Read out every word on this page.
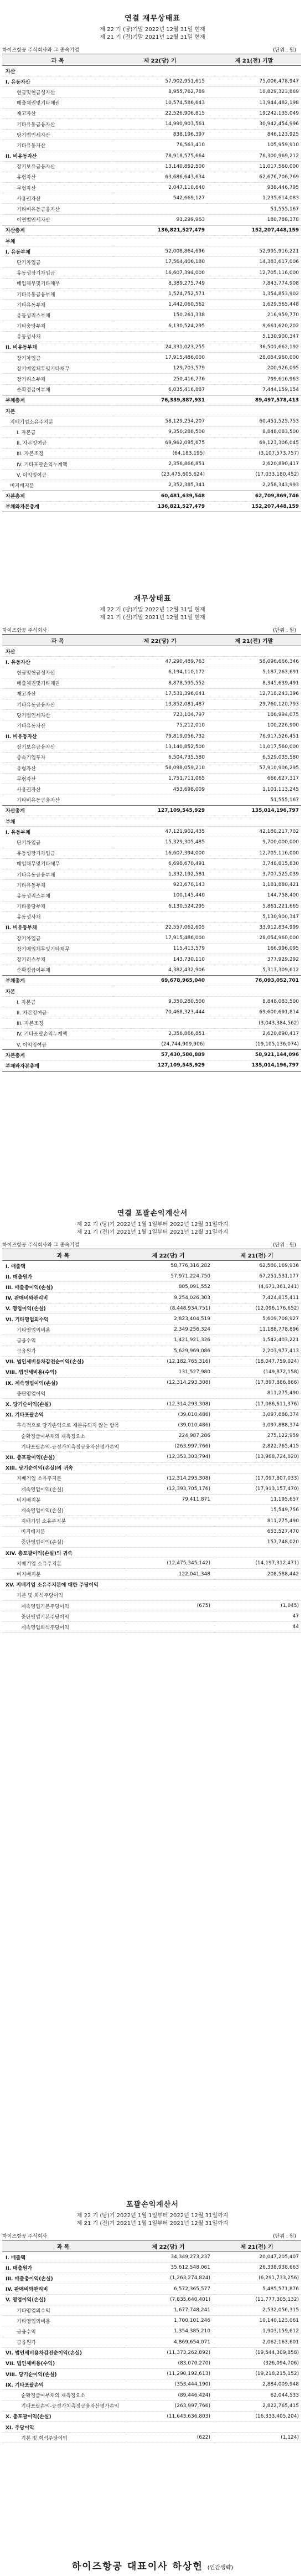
연결 재무상태표
제 22 기 (당)기말 2022년 12월 31일 현재
제 21 기 (전)기말 2021년 12월 31일 현재
하이즈항공 주식회사와 그 종속기업	(단위 : 원)
과 목	제 22(당) 기	제 21(전) 기말
자산		
I. 유동자산	57,902,951,615	75,006,478,947
현금및현금성자산	8,955,762,789	10,829,323,869
매출채권및기타채권	10,574,586,643	13,944,482,198
재고자산	22,526,906,815	19,242,135,049
기타유동금융자산	14,990,903,561	30,942,454,996
당기법인세자산	838,196,397	846,123,925
기타유동자산	76,563,410	105,959,910
II. 비유동자산	78,918,575,664	76,300,969,212
장기보유금융자산	13,140,852,500	11,017,560,000
유형자산	63,686,643,634	62,676,706,769
무형자산	2,047,110,640	938,446,795
사용권자산	542,669,127	1,235,614,083
기타비유동금융자산		51,555,167
이연법인세자산	91,299,963	180,788,378
자산총계	136,821,527,479	152,207,448,159
부채		
I. 유동부채	52,008,864,696	52,995,916,221
단기차입금	17,564,406,180	14,383,617,006
유동성장기차입금	16,607,394,000	12,705,116,000
매입채무및기타채무	8,389,275,749	7,843,774,908
기타유동금융부채	1,524,752,571	1,354,853,902
기타유동부채	1,442,060,562	1,629,565,448
유동성리스부채	150,261,338	216,959,770
기타충당부채	6,130,524,295	9,661,620,202
유동성사채		5,130,900,347
II. 비유동부채	24,331,023,255	36,501,662,192
장기차입금	17,915,486,000	28,054,960,000
장기매입채무및기타채무	129,703,579	200,926,095
장기리스부채	250,416,776	799,616,963
순확정급여부채	6,035,416,887	7,444,159,154
부채총계	76,339,887,931	89,497,578,413
자본		
지배기업소유주지분	58,129,254,207	60,451,525,753
I. 자본금	9,350,280,500	8,848,083,500
II. 자본잉여금	69,962,095,675	69,123,306,045
III. 자본조정	(64,183,195)	(3,107,573,757)
IV. 기타포괄손익누계액	2,356,866,851	2,620,890,417
V. 이익잉여금	(23,475,605,624)	(17,033,180,452)
비지배지분	2,352,385,341	2,258,343,993
자본총계	60,481,639,548	62,709,869,746
부채와자본총계	136,821,527,479	152,207,448,159
재무상태표
제 22 기 (당)기말 2022년 12월 31일 현재
제 21 기 (전)기말 2021년 12월 31일 현재
하이즈항공 주식회사	(단위 : 원)
과 목	제 22(당) 기	제 21(전) 기말
자산		
I. 유동자산	47,290,489,763	58,096,666,346
현금및현금성자산	6,194,110,172	5,187,263,691
매출채권및기타채권	8,878,595,552	8,345,639,491
재고자산	17,531,396,041	12,718,243,396
기타유동금융자산	13,852,081,487	29,760,120,793
당기법인세자산	723,104,797	186,994,075
기타유동자산	75,212,010	100,226,900
II. 비유동자산	79,819,056,732	76,917,526,451
장기보유금융자산	13,140,852,500	11,017,560,000
종속기업투자	6,504,735,580	6,529,035,580
유형자산	58,098,059,210	57,910,906,295
무형자산	1,751,711,065	666,627,317
사용권자산	453,698,009	1,101,113,245
기타비유동금융자산		51,555,167
자산총계	127,109,545,929	135,014,196,797
부채		
I. 유동부채	47,121,902,435	42,180,217,702
단기차입금	15,329,305,485	9,700,000,000
유동성장기차입금	16,607,394,000	12,705,116,000
매입채무및기타채무	6,698,670,491	3,748,815,830
기타유동금융부채	1,332,192,581	3,707,525,039
기타유동부채	923,670,143	1,181,880,421
유동성리스부채	100,145,440	144,758,400
기타충당부채	6,130,524,295	5,861,221,665
유동성사채		5,130,900,347
II. 비유동부채	22,557,062,605	33,912,834,999
장기차입금	17,915,486,000	28,054,960,000
장기매입채무및기타채무	115,413,579	166,996,095
장기리스부채	143,730,110	377,929,292
순확정급여부채	4,382,432,906	5,313,309,612
부채총계	69,678,965,040	76,093,052,701
자본		
I. 자본금	9,350,280,500	8,848,083,500
II. 자본잉여금	70,468,323,444	69,600,691,814
III. 자본조정		(3,043,384,562)
IV. 기타포괄손익누계액	2,356,866,851	2,620,890,417
V. 이익잉여금	(24,744,909,906)	(19,105,136,074)
자본총계	57,430,580,889	58,921,144,096
부채와자본총계	127,109,545,929	135,014,196,797
연결 포괄손익계산서
제 22 기 (당)기 2022년 1월 1일부터 2022년 12월 31일까지
제 21 기 (전)기 2021년 1월 1일부터 2021년 12월 31일까지
하이즈항공 주식회사와 그 종속기업	(단위 : 원)
과 목	제 22(당) 기	제 21(전) 기
I. 매출액	58,776,316,282	62,580,169,936
II. 매출원가	57,971,224,750	67,251,531,177
III. 매출총이익(손실)	805,091,552	(4,671,361,241)
IV. 판매비와관리비	9,254,026,303	7,424,815,411
V. 영업이익(손실)	(8,448,934,751)	(12,096,176,652)
VI. 기타영업외수익	2,823,404,519	5,609,708,927
기타영업외비용	2,349,256,324	11,188,778,896
금융수익	1,421,921,326	1,542,403,221
금융원가	5,629,969,086	2,203,977,413
VII. 법인세비용차감전순이익(손실)	(12,182,765,316)	(18,047,759,024)
VIII. 법인세비용(수익)	131,527,980	(149,872,158)
IX. 계속영업이익(손실)	(12,314,293,308)	(17,897,886,866)
중단영업이익		811,275,490
X. 당기순이익(손실)	(12,314,293,308)	(17,086,611,376)
XI. 기타포괄손익	(39,010,486)	3,097,888,374
후속적으로 당기손익으로 재분류되지 않는 항목	(39,010,486)	3,097,888,374
순확정급여부채의 재측정요소	224,987,286	275,122,959
기타포괄손익-공정가치측정금융자산평가손익	(263,997,766)	2,822,765,415
XII. 총포괄이익(손실)	(12,353,303,794)	(13,988,724,020)
XIII. 당기순이익(손실)의 귀속		
지배기업 소유주지분	(12,314,293,308)	(17,097,807,033)
계속영업이익(손실)	(12,393,705,176)	(17,913,157,470)
비지배지분	79,411,871	11,195,657
계속영업이익(손실)		15,549,756
지배기업 소유주지분		811,275,490
비지배지분		653,527,470
중단영업이익(손실)		157,748,020
XIV. 총포괄이익(손실)의 귀속		
지배기업 소유주지분	(12,475,345,142)	(14,197,312,471)
비지배지분	122,041,348	208,588,442
XV. 지배기업 소유주지분에 대한 주당이익		
기본 및 희석주당이익		
계속영업기본주당이익	(675)	(1,045)
중단영업기본주당이익		47
계속영업희석주당이익		44
포괄손익계산서
제 22 기 (당)기 2022년 1월 1일부터 2022년 12월 31일까지
제 21 기 (전)기 2021년 1월 1일부터 2021년 12월 31일까지
하이즈항공 주식회사	(단위 : 원)
과 목	제 22(당) 기	제 21(전) 기
I. 매출액	34,349,273,237	20,047,205,407
II. 매출원가	35,612,548,061	26,338,938,663
III. 매출총이익(손실)	(1,263,274,824)	(6,291,733,256)
IV. 판매비와관리비	6,572,365,577	5,485,571,876
V. 영업이익(손실)	(7,835,640,401)	(11,777,305,132)
기타영업외수익	1,677,748,241	2,532,056,315
기타영업외비용	1,700,101,246	10,140,123,061
금융수익	1,354,385,210	1,903,159,612
금융원가	4,869,654,071	2,062,163,601
VI. 법인세비용차감전순이익(손실)	(11,373,262,892)	(19,544,309,858)
VII. 법인세비용(수익)	(83,070,270)	(326,094,706)
VIII. 당기순이익(손실)	(11,290,192,613)	(19,218,215,152)
IX. 기타포괄손익	(353,444,190)	2,884,009,948
순확정급여부채의 재측정요소	(89,446,424)	62,044,533
기타포괄손익-공정가치측정금융자산평가손익	(263,997,766)	2,822,765,415
X. 총포괄이익(손실)	(11,643,636,803)	(16,333,405,204)
XI. 주당이익		
기본 및 희석주당이익	(622)	(1,124)
하이즈항공 대표이사 하상헌 (인감생략)
